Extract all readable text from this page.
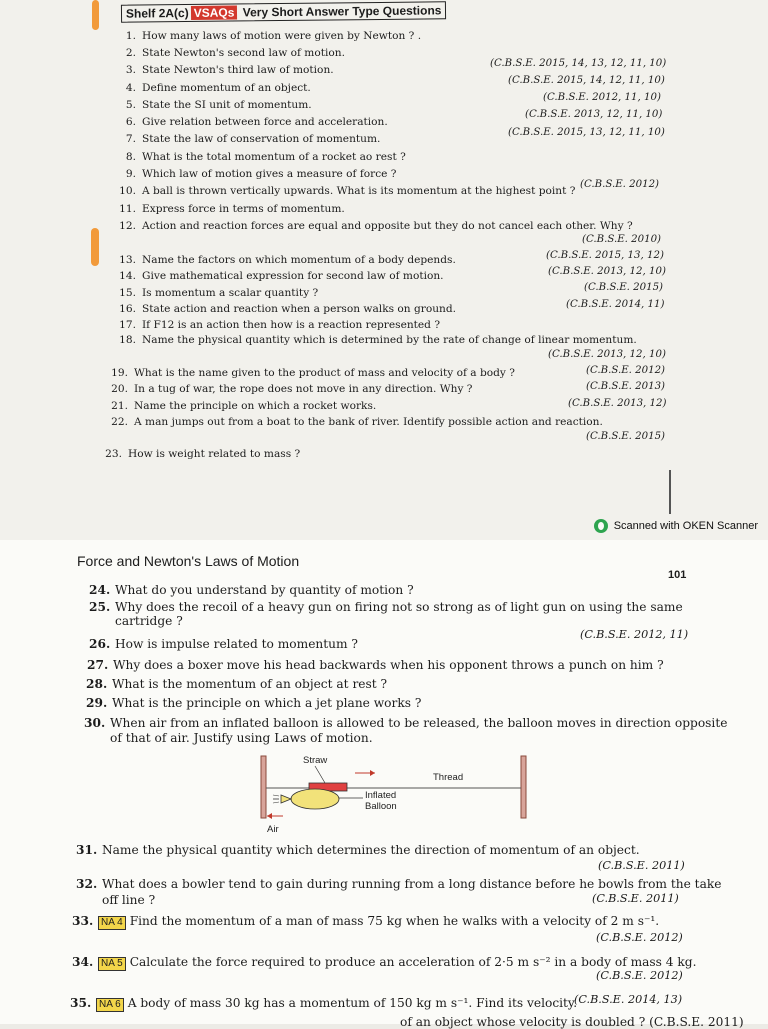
Shelf 2A(c) VSAQs Very Short Answer Type Questions
1. How many laws of motion were given by Newton ? .
2. State Newton's second law of motion.
3. State Newton's third law of motion.
4. Define momentum of an object.
5. State the SI unit of momentum.
6. Give relation between force and acceleration.
7. State the law of conservation of momentum.
8. What is the total momentum of a rocket ao rest ?
9. Which law of motion gives a measure of force ?
10. A ball is thrown vertically upwards. What is its momentum at the highest point ?
11. Express force in terms of momentum.
12. Action and reaction forces are equal and opposite but they do not cancel each other. Why ?
13. Name the factors on which momentum of a body depends.
14. Give mathematical expression for second law of motion.
15. Is momentum a scalar quantity ?
16. State action and reaction when a person walks on ground.
17. If F12 is an action then how is a reaction represented ?
18. Name the physical quantity which is determined by the rate of change of linear momentum.
19. What is the name given to the product of mass and velocity of a body ?
20. In a tug of war, the rope does not move in any direction. Why ?
21. Name the principle on which a rocket works.
22. A man jumps out from a boat to the bank of river. Identify possible action and reaction.
23. How is weight related to mass ?
(C.B.S.E. 2015, 14, 13, 12, 11, 10)
(C.B.S.E. 2015, 14, 12, 11, 10)
(C.B.S.E. 2012, 11, 10)
(C.B.S.E. 2013, 12, 11, 10)
(C.B.S.E. 2015, 13, 12, 11, 10)
(C.B.S.E. 2012)
(C.B.S.E. 2010)
(C.B.S.E. 2015, 13, 12)
(C.B.S.E. 2013, 12, 10)
(C.B.S.E. 2015)
(C.B.S.E. 2014, 11)
(C.B.S.E. 2013, 12, 10)
(C.B.S.E. 2012)
(C.B.S.E. 2013)
(C.B.S.E. 2013, 12)
(C.B.S.E. 2015)
Scanned with OKEN Scanner
Force and Newton's Laws of Motion
101
24. What do you understand by quantity of motion ?
25. Why does the recoil of a heavy gun on firing not so strong as of light gun on using the same
cartridge ?
26. How is impulse related to momentum ?
27. Why does a boxer move his head backwards when his opponent throws a punch on him ?
28. What is the momentum of an object at rest ?
29. What is the principle on which a jet plane works ?
30. When air from an inflated balloon is allowed to be released, the balloon moves in direction opposite
of that of air. Justify using Laws of motion.
(C.B.S.E. 2012, 11)
Straw
Thread
Inflated
Balloon
Air
31. Name the physical quantity which determines the direction of momentum of an object.
(C.B.S.E. 2011)
32. What does a bowler tend to gain during running from a long distance before he bowls from the take
off line ?	(C.B.S.E. 2011)
33. NA 4 Find the momentum of a man of mass 75 kg when he walks with a velocity of 2 m s⁻¹.
(C.B.S.E. 2012)
34. NA 5 Calculate the force required to produce an acceleration of 2·5 m s⁻² in a body of mass 4 kg.
(C.B.S.E. 2012)
35. NA 6 A body of mass 30 kg has a momentum of 150 kg m s⁻¹. Find its velocity.
(C.B.S.E. 2014, 13)
of an object whose velocity is doubled ? (C.B.S.E. 2011)
